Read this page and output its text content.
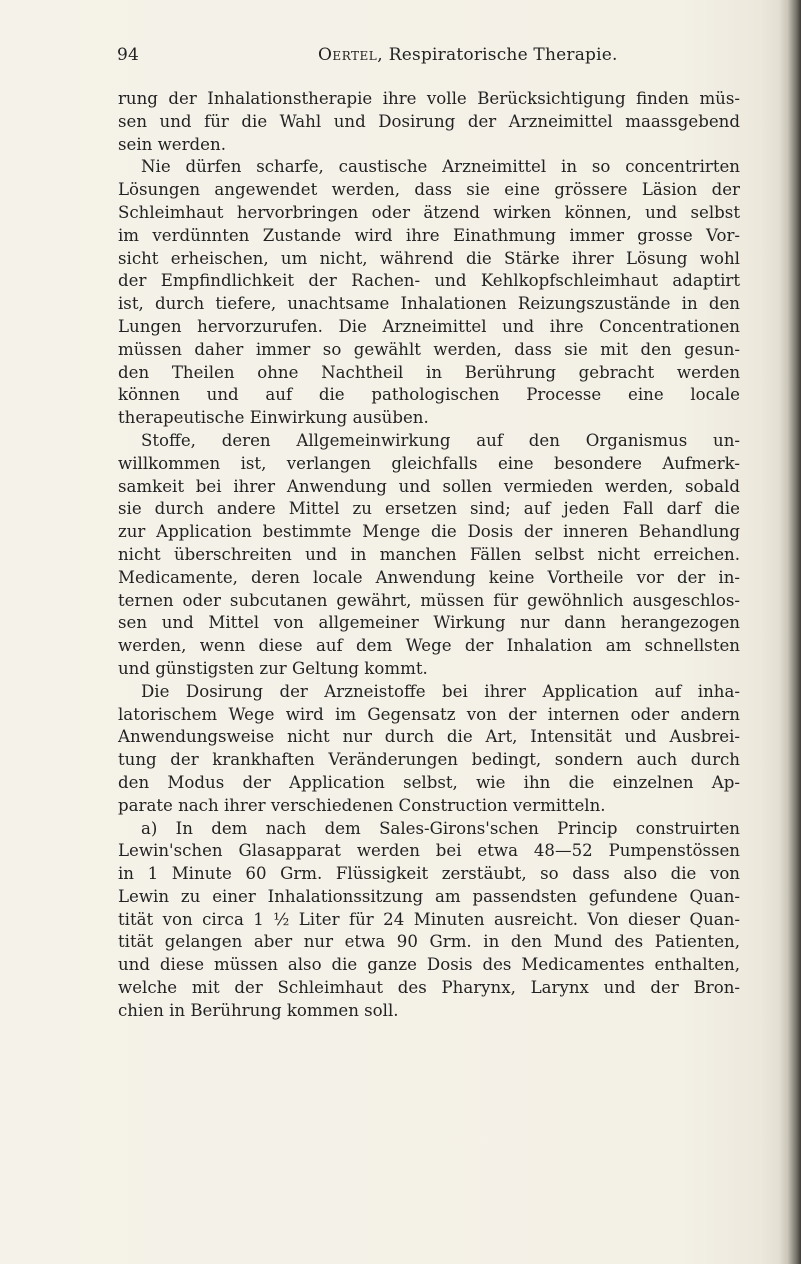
94	Oertel, Respiratorische Therapie.
rung der Inhalationstherapie ihre volle Berücksichtigung finden müs-
sen und für die Wahl und Dosirung der Arzneimittel maassgebend
sein werden.
Nie dürfen scharfe, caustische Arzneimittel in so concentrirten
Lösungen angewendet werden, dass sie eine grössere Läsion der
Schleimhaut hervorbringen oder ätzend wirken können, und selbst
im verdünnten Zustande wird ihre Einathmung immer grosse Vor-
sicht erheischen, um nicht, während die Stärke ihrer Lösung wohl
der Empfindlichkeit der Rachen- und Kehlkopfschleimhaut adaptirt
ist, durch tiefere, unachtsame Inhalationen Reizungszustände in den
Lungen hervorzurufen. Die Arzneimittel und ihre Concentrationen
müssen daher immer so gewählt werden, dass sie mit den gesun-
den Theilen ohne Nachtheil in Berührung gebracht werden
können und auf die pathologischen Processe eine locale
therapeutische Einwirkung ausüben.
Stoffe, deren Allgemeinwirkung auf den Organismus un-
willkommen ist, verlangen gleichfalls eine besondere Aufmerk-
samkeit bei ihrer Anwendung und sollen vermieden werden, sobald
sie durch andere Mittel zu ersetzen sind; auf jeden Fall darf die
zur Application bestimmte Menge die Dosis der inneren Behandlung
nicht überschreiten und in manchen Fällen selbst nicht erreichen.
Medicamente, deren locale Anwendung keine Vortheile vor der in-
ternen oder subcutanen gewährt, müssen für gewöhnlich ausgeschlos-
sen und Mittel von allgemeiner Wirkung nur dann herangezogen
werden, wenn diese auf dem Wege der Inhalation am schnellsten
und günstigsten zur Geltung kommt.
Die Dosirung der Arzneistoffe bei ihrer Application auf inha-
latorischem Wege wird im Gegensatz von der internen oder andern
Anwendungsweise nicht nur durch die Art, Intensität und Ausbrei-
tung der krankhaften Veränderungen bedingt, sondern auch durch
den Modus der Application selbst, wie ihn die einzelnen Ap-
parate nach ihrer verschiedenen Construction vermitteln.
a) In dem nach dem Sales-Girons'schen Princip construirten
Lewin'schen Glasapparat werden bei etwa 48—52 Pumpenstössen
in 1 Minute 60 Grm. Flüssigkeit zerstäubt, so dass also die von
Lewin zu einer Inhalationssitzung am passendsten gefundene Quan-
tität von circa 1 ½ Liter für 24 Minuten ausreicht. Von dieser Quan-
tität gelangen aber nur etwa 90 Grm. in den Mund des Patienten,
und diese müssen also die ganze Dosis des Medicamentes enthalten,
welche mit der Schleimhaut des Pharynx, Larynx und der Bron-
chien in Berührung kommen soll.
